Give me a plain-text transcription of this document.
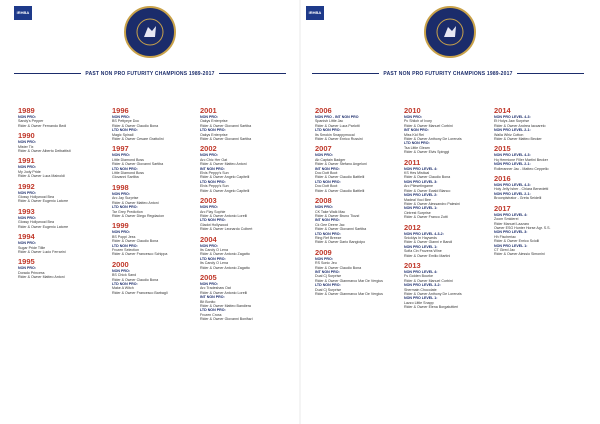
IRHBA	IRHBA
PAST NON PRO FUTURITY CHAMPIONS 1989-2017	PAST NON PRO FUTURITY CHAMPIONS 1989-2017
1989
NON PRO:
Sandy's Pepper
Rider & Owner Fernando Bedi
1990
NON PRO:
Mister Tix
Rider & Owner Alberto Deibattisti
1991
NON PRO:
My Jody Pride
Rider & Owner Luca Mainoldi
1992
NON PRO:
Glossy Hollywood Bea
Rider & Owner Eugenio Latorre
1993
NON PRO:
Glossy Hollywood Bea
Rider & Owner Eugenio Latorre
1994
NON PRO:
Sugar Pride Tillie
Rider & Owner Lucio Ferrarini
1995
NON PRO:
Dorado Princess
Rider & Owner Matteo Antoni
1996
NON PRO:
BS Pettyeye Doc
Rider & Owner Claudio Bona
LTD NON PRO:
Magic Spinall
Rider & Owner Cesare Grattolini
1997
NON PRO:
Little Diamond Boss
Rider & Owner Giovanni Sartiba
LTD NON PRO:
Little Diamond Boss
Giovanni Sartiba
1998
NON PRO:
Arc Jay Surprise
Rider & Owner Matteo Antoni
LTD NON PRO:
Tar Grey Prediction
Rider & Owner Diego Regdacion
1999
NON PRO:
BS Poppi Jess
Rider & Owner Claudio Bona
LTD NON PRO:
Frozen Selection
Rider & Owner Francesco Schippa
2000
NON PRO:
BS Chick Sand
Rider & Owner Claudio Bona
LTD NON PRO:
Make A Witch
Rider & Owner Francesco Barbagli
2001
NON PRO:
Oakys Enterprise
Rider & Owner Giovanni Sartiba
LTD NON PRO:
Oakys Enterprise
Rider & Owner Giovanni Sartiba
2002
NON PRO:
Arc Chic Her Oat
Rider & Owner Matteo Antoni
INT NON PRO:
Elvis Peppy's Sun
Rider & Owner Angelo Capitelli
LTD NON PRO:
Elvis Peppy's Sun
Rider & Owner Angelo Capitelli
2003
NON PRO:
Arc Flay Sophie
Rider & Owner Antonio Lorelli
LTD NON PRO:
Gladot Hollywood
Rider & Owner Leonardo Colbert
2004
NON PRO:
Its Candy O Lena
Rider & Owner Antonio Zagatto
LTD NON PRO:
Its Candy O Lena
Rider & Owner Antonio Zagatto
2005
NON PRO:
Arc Tradeshaw Oat
Rider & Owner Antonio Lorelli
INT NON PRO:
Bit Bonito
Rider & Owner Matteo Bandiera
LTD NON PRO:
Frozen Cross
Rider & Owner Giovanni Bonifazi
2006
NON PRO - INT NON PRO
Spanish Little Jac
Rider & Owner Luca Parlotti
LTD NON PRO:
Its Smokin Snappymocal
Rider & Owner Enrico Russini
2007
NON PRO:
Ab Captain Badger
Rider & Owner Stefano Angeloni
INT NON PRO:
Doc Dott Boot
Rider & Owner Claudio Battlelli
LTD NON PRO:
Doc Dott Boot
Rider & Owner Claudio Battlelli
2008
NON PRO:
CK Take Walk Mac
Rider & Owner Bruno Tiozzi
INT NON PRO:
Ck Gee Deere Jac
Rider & Owner Giovanni Sartiba
LTD NON PRO:
Ring Ref Breeze
Rider & Owner Dario Bangiolpo
2009
NON PRO:
RS Sonic Jeu
Rider & Owner Claudio Bona
INT NON PRO:
Dual Cj Surprise
Rider & Owner Gianmarco Mar De Vergius
LTD NON PRO:
Dual Cj Surprise
Rider & Owner Gianmarco Mar De Vergius
2010
NON PRO:
Pc Shiloh of Ivory
Rider & Owner Manuel Corbini
INT NON PRO:
Miss Kid Rei
Rider & Owner Anthony De Lorenzis
LTD NON PRO:
Tsa Little Gleam
Rider & Owner Elvis Spinggi
2011
NON PRO LEVEL 4:
KS Hes Mistical
Rider & Owner Claudio Bona
NON PRO LEVEL 3:
Arc Pilesetingame
Rider & Owner Ewald Bianco
NON PRO LEVEL 2:
Madeal Voci Bee
Rider & Owner Alessandro Palesini
NON PRO LEVEL 1:
Cintrest Surprise
Rider & Owner Franco Zotti
2012
NON PRO LEVEL 4-3-2:
Snicklys In Hayweds
Rider & Owner Gianni e Bandi
NON PRO LEVEL 1:
Sofia Cin Frozens Wine
Rider & Owner Emilio Martini
2013
NON PRO LEVEL 4:
Fs Golden Bourke
Rider & Owner Manuel Corbini
NON PRO LEVEL 3-2:
Shermain Chocolate
Rider & Owner Anthony De Lorenzis
NON PRO LEVEL 1:
Lazzo Little Snapp
Rider & Owner Elena Borgatuttieri
2014
NON PRO LEVEL 4-3:
Et Holys Jaw Surprise
Rider & Owner Andrea Iaccarelo
NON PRO LEVEL 2-1:
Walla Whiz Cotton
Rider & Owner Matteo Becker
2015
NON PRO LEVEL 4-3:
Hq Hermione Filler Martini Becker
NON PRO LEVEL 2-1:
Rolleranner Jac - Matteo Ceppello
2016
NON PRO LEVEL 4-3:
Holy Jelly Isher - Chiara Benedetti
NON PRO LEVEL 2-1:
Broonpistrator - Greta Seidelli
2017
NON PRO LEVEL 4:
Zoom Smiderei
Rider Manuel Lazzaro
Owner ESG Hunter Horse Agr. S.S.
NON PRO LEVEL 3:
Hh Fischeriac
Rider & Owner Enrico Sciolli
NON PRO LEVEL 1:
CT Gired Jac
Rider & Owner Alessio Simonini
